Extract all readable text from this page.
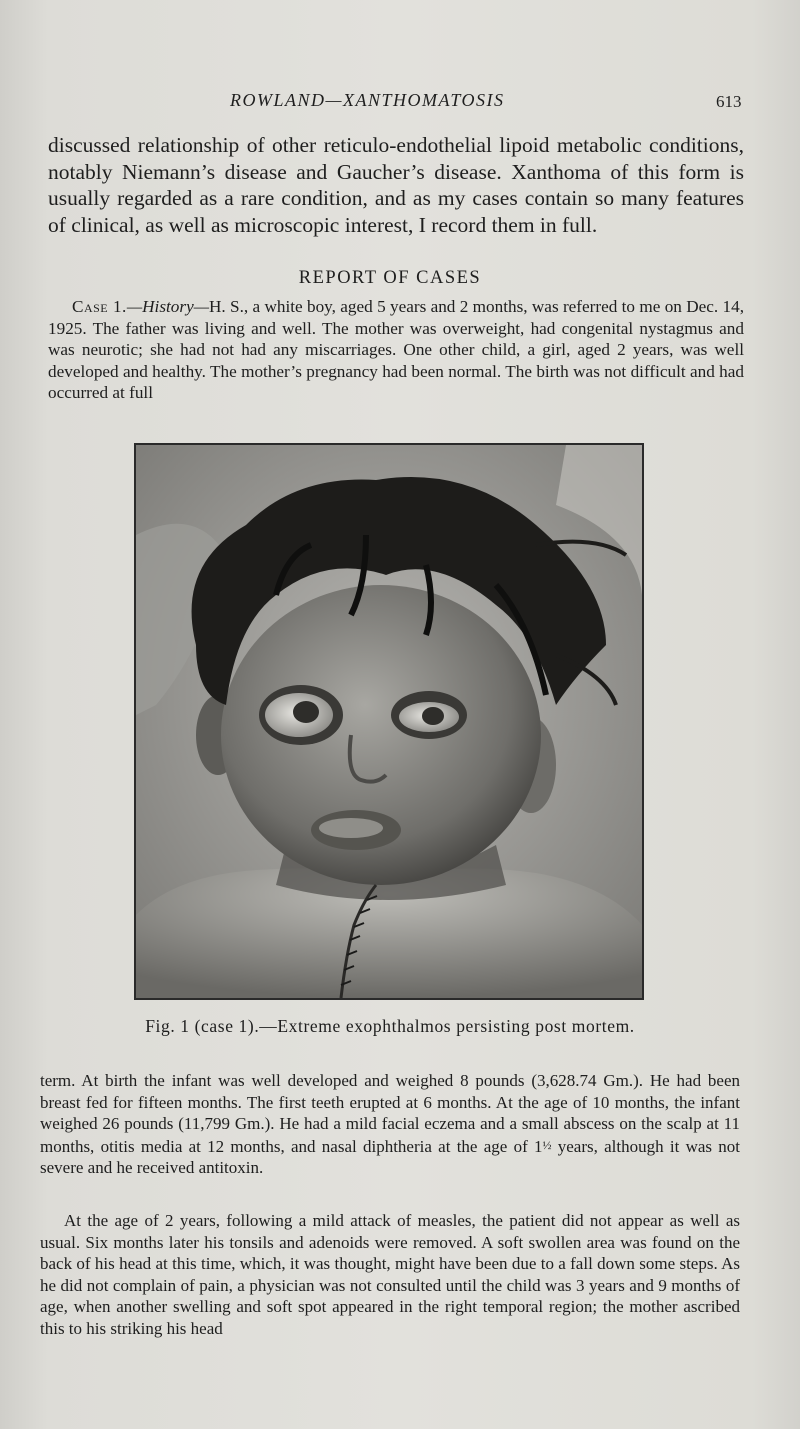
ROWLAND—XANTHOMATOSIS	613

discussed relationship of other reticulo-endothelial lipoid metabolic conditions, notably Niemann’s disease and Gaucher’s disease. Xanthoma of this form is usually regarded as a rare condition, and as my cases contain so many features of clinical, as well as microscopic interest, I record them in full.

REPORT OF CASES

Case 1.—History—H. S., a white boy, aged 5 years and 2 months, was referred to me on Dec. 14, 1925. The father was living and well. The mother was overweight, had congenital nystagmus and was neurotic; she had not had any miscarriages. One other child, a girl, aged 2 years, was well developed and healthy. The mother’s pregnancy had been normal. The birth was not difficult and had occurred at full

Fig. 1 (case 1).—Extreme exophthalmos persisting post mortem.

term. At birth the infant was well developed and weighed 8 pounds (3,628.74 Gm.). He had been breast fed for fifteen months. The first teeth erupted at 6 months. At the age of 10 months, the infant weighed 26 pounds (11,799 Gm.). He had a mild facial eczema and a small abscess on the scalp at 11 months, otitis media at 12 months, and nasal diphtheria at the age of 1½ years, although it was not severe and he received antitoxin.

At the age of 2 years, following a mild attack of measles, the patient did not appear as well as usual. Six months later his tonsils and adenoids were removed. A soft swollen area was found on the back of his head at this time, which, it was thought, might have been due to a fall down some steps. As he did not complain of pain, a physician was not consulted until the child was 3 years and 9 months of age, when another swelling and soft spot appeared in the right temporal region; the mother ascribed this to his striking his head
